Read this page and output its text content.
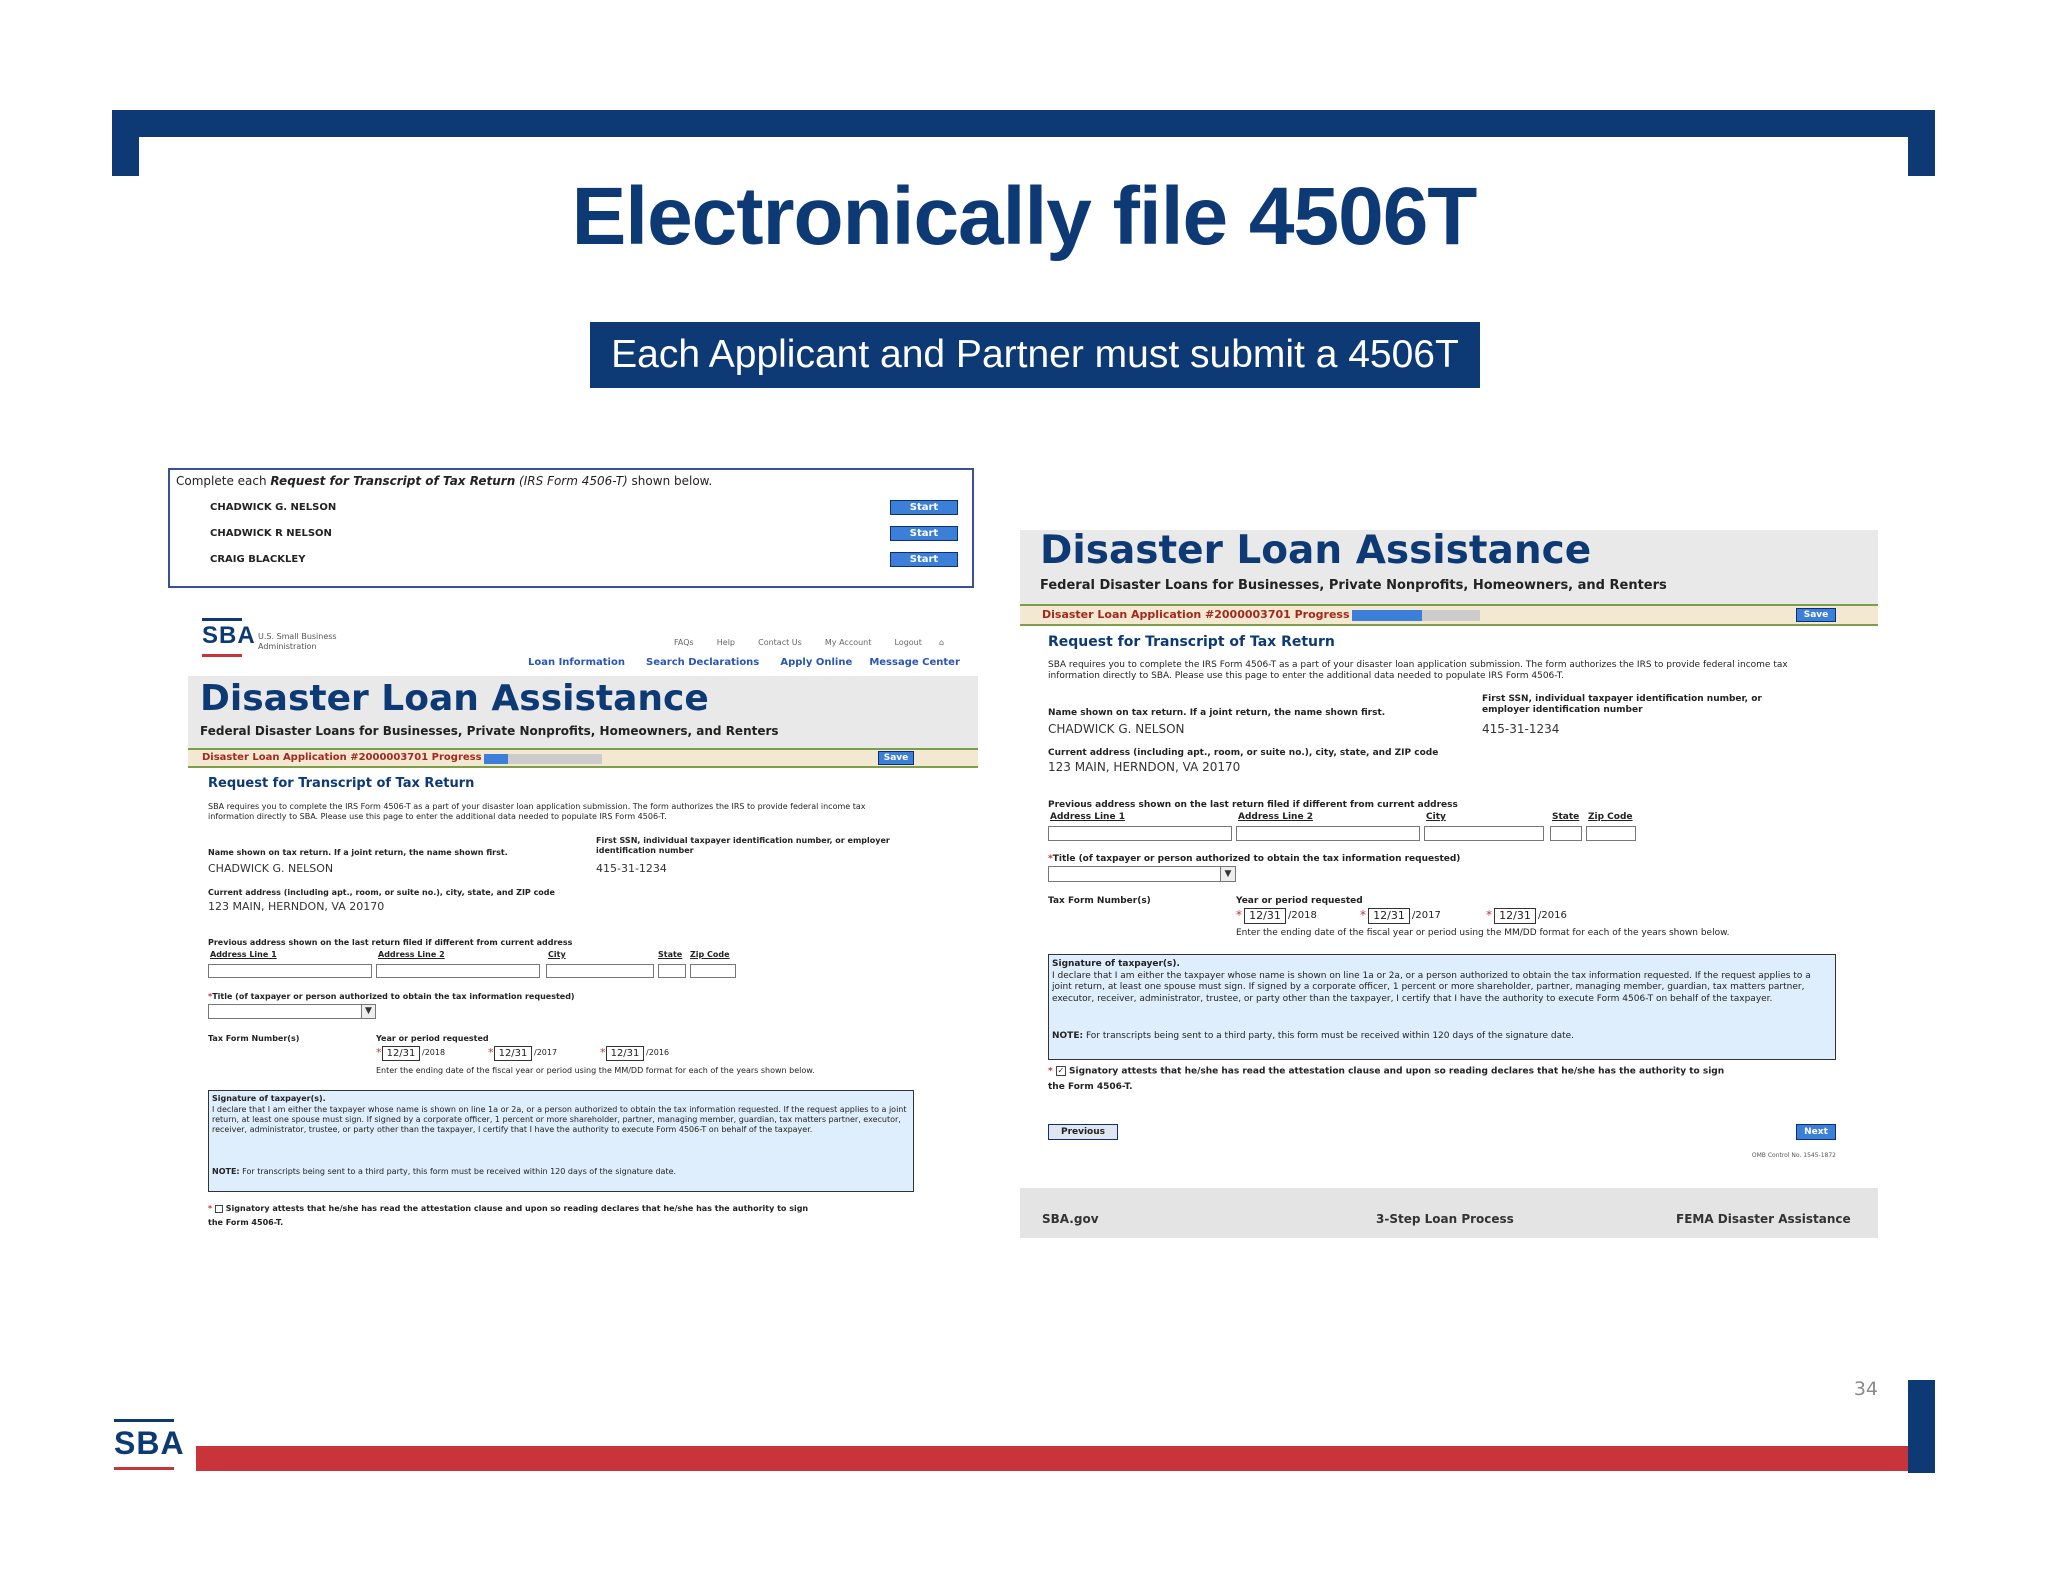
Electronically file 4506T
Each Applicant and Partner must submit a 4506T
Complete each Request for Transcript of Tax Return (IRS Form 4506-T) shown below.
CHADWICK G. NELSON	Start
CHADWICK R NELSON	Start
CRAIG BLACKLEY	Start
SBA U.S. Small Business
Administration	FAQs	Help	Contact Us	My Account	Logout ⌂
Loan Information Search Declarations Apply Online Message Center
Disaster Loan Assistance
Federal Disaster Loans for Businesses, Private Nonprofits, Homeowners, and Renters
Disaster Loan Application #2000003701 Progress	Save
Request for Transcript of Tax Return
SBA requires you to complete the IRS Form 4506-T as a part of your disaster loan application submission. The form authorizes the IRS to provide federal income tax information directly to SBA. Please use this page to enter the additional data needed to populate IRS Form 4506-T.
First SSN, individual taxpayer identification number, or employer identification number
Name shown on tax return. If a joint return, the name shown first.
CHADWICK G. NELSON	415-31-1234
Current address (including apt., room, or suite no.), city, state, and ZIP code
123 MAIN, HERNDON, VA 20170
Previous address shown on the last return filed if different from current address
Address Line 1	Address Line 2	City	State Zip Code
*Title (of taxpayer or person authorized to obtain the tax information requested)
▼
Tax Form Number(s)	Year or period requested
* 12/31 /2018	* 12/31 /2017	* 12/31 /2016
Enter the ending date of the fiscal year or period using the MM/DD format for each of the years shown below.
Signature of taxpayer(s).
I declare that I am either the taxpayer whose name is shown on line 1a or 2a, or a person authorized to obtain the tax information requested. If the request applies to a joint return, at least one spouse must sign. If signed by a corporate officer, 1 percent or more shareholder, partner, managing member, guardian, tax matters partner, executor, receiver, administrator, trustee, or party other than the taxpayer, I certify that I have the authority to execute Form 4506-T on behalf of the taxpayer.
NOTE: For transcripts being sent to a third party, this form must be received within 120 days of the signature date.
* Signatory attests that he/she has read the attestation clause and upon so reading declares that he/she has the authority to sign
the Form 4506-T.
Disaster Loan Assistance
Federal Disaster Loans for Businesses, Private Nonprofits, Homeowners, and Renters
Disaster Loan Application #2000003701 Progress	Save
Request for Transcript of Tax Return
SBA requires you to complete the IRS Form 4506-T as a part of your disaster loan application submission. The form authorizes the IRS to provide federal income tax information directly to SBA. Please use this page to enter the additional data needed to populate IRS Form 4506-T.
First SSN, individual taxpayer identification number, or employer identification number
Name shown on tax return. If a joint return, the name shown first.
CHADWICK G. NELSON	415-31-1234
Current address (including apt., room, or suite no.), city, state, and ZIP code
123 MAIN, HERNDON, VA 20170
Previous address shown on the last return filed if different from current address
Address Line 1	Address Line 2	City	State Zip Code
*Title (of taxpayer or person authorized to obtain the tax information requested)
▼
Tax Form Number(s)	Year or period requested
* 12/31 /2018	* 12/31 /2017	* 12/31 /2016
Enter the ending date of the fiscal year or period using the MM/DD format for each of the years shown below.
Signature of taxpayer(s).
I declare that I am either the taxpayer whose name is shown on line 1a or 2a, or a person authorized to obtain the tax information requested. If the request applies to a joint return, at least one spouse must sign. If signed by a corporate officer, 1 percent or more shareholder, partner, managing member, guardian, tax matters partner, executor, receiver, administrator, trustee, or party other than the taxpayer, I certify that I have the authority to execute Form 4506-T on behalf of the taxpayer.
NOTE: For transcripts being sent to a third party, this form must be received within 120 days of the signature date.
* ✓ Signatory attests that he/she has read the attestation clause and upon so reading declares that he/she has the authority to sign
the Form 4506-T.
Previous	Next
OMB Control No. 1545-1872
SBA.gov	3-Step Loan Process	FEMA Disaster Assistance
34
SBA
